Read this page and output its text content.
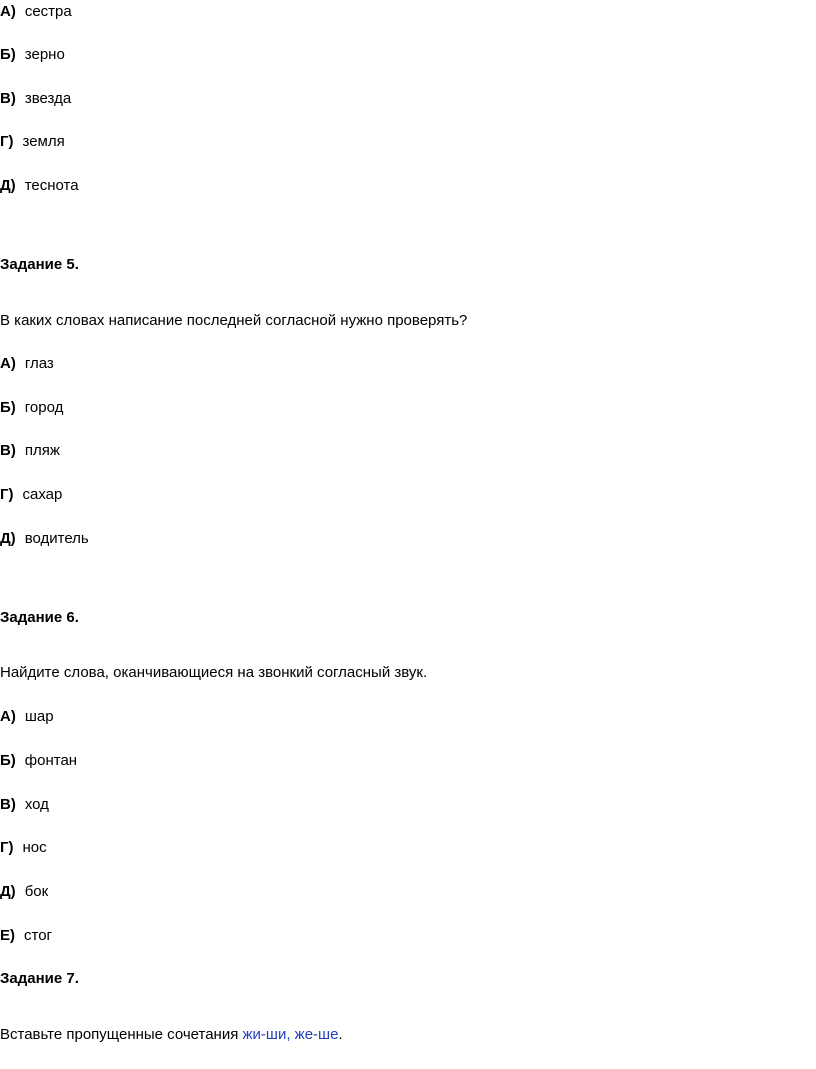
А) сестра
Б) зерно
В) звезда
Г) земля
Д) теснота
Задание 5.
В каких словах написание последней согласной нужно проверять?
А) глаз
Б) город
В) пляж
Г) сахар
Д) водитель
Задание 6.
Найдите слова, оканчивающиеся на звонкий согласный звук.
А) шар
Б) фонтан
В) ход
Г) нос
Д) бок
Е) стог
Задание 7.
Вставьте пропущенные сочетания жи-ши, же-ше.
